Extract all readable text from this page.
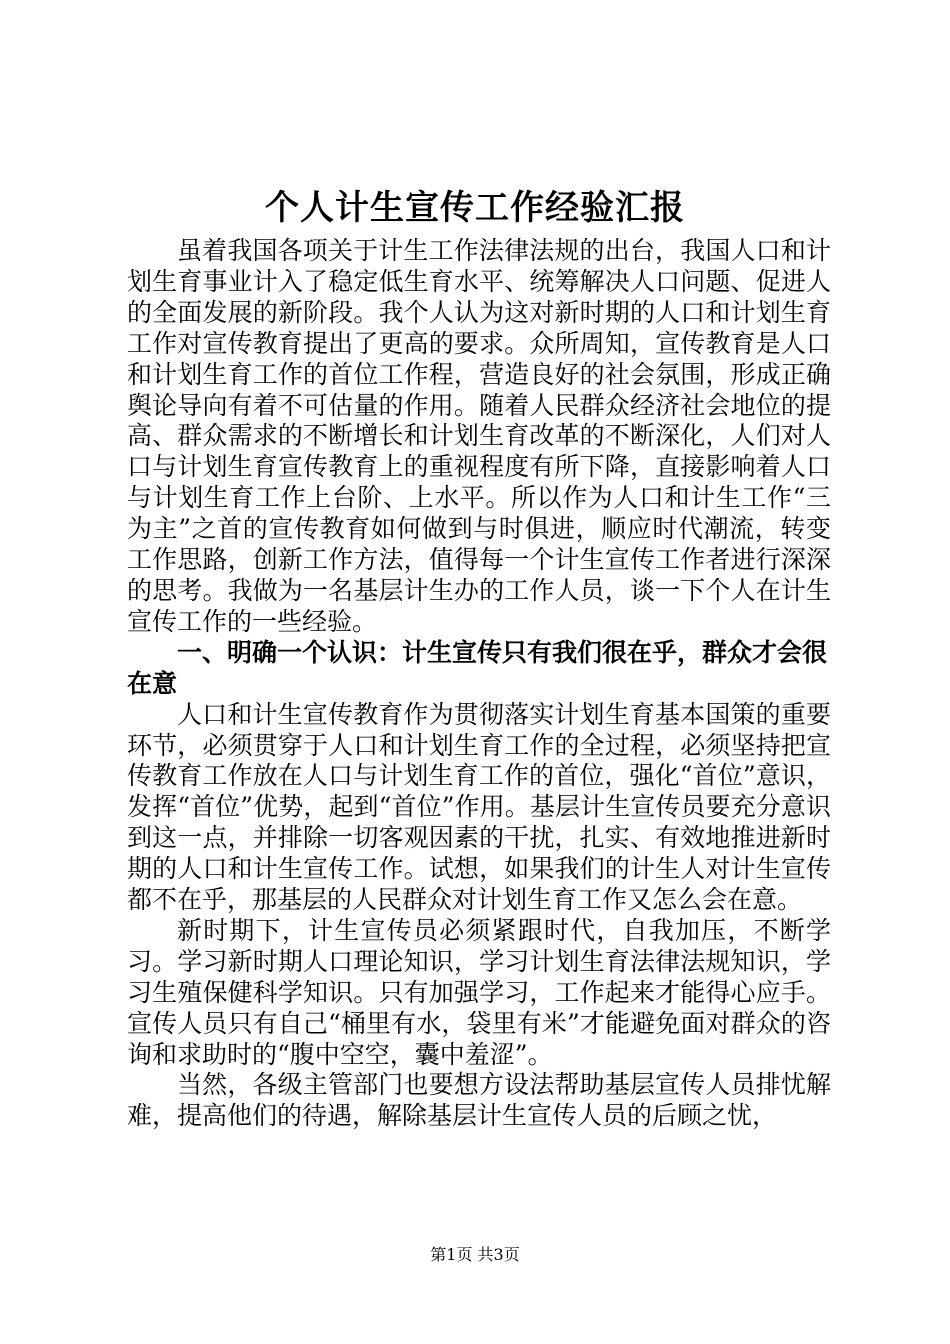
个人计生宣传工作经验汇报

虽着我国各项关于计生工作法律法规的出台，我国人口和计划生育事业计入了稳定低生育水平、统筹解决人口问题、促进人的全面发展的新阶段。我个人认为这对新时期的人口和计划生育工作对宣传教育提出了更高的要求。众所周知，宣传教育是人口和计划生育工作的首位工作程，营造良好的社会氛围，形成正确舆论导向有着不可估量的作用。随着人民群众经济社会地位的提高、群众需求的不断增长和计划生育改革的不断深化，人们对人口与计划生育宣传教育上的重视程度有所下降，直接影响着人口与计划生育工作上台阶、上水平。所以作为人口和计生工作“三为主”之首的宣传教育如何做到与时俱进，顺应时代潮流，转变工作思路，创新工作方法，值得每一个计生宣传工作者进行深深的思考。我做为一名基层计生办的工作人员，谈一下个人在计生宣传工作的一些经验。

一、明确一个认识：计生宣传只有我们很在乎，群众才会很在意

人口和计生宣传教育作为贯彻落实计划生育基本国策的重要环节，必须贯穿于人口和计划生育工作的全过程，必须坚持把宣传教育工作放在人口与计划生育工作的首位，强化“首位”意识，发挥“首位”优势，起到“首位”作用。基层计生宣传员要充分意识到这一点，并排除一切客观因素的干扰，扎实、有效地推进新时期的人口和计生宣传工作。试想，如果我们的计生人对计生宣传都不在乎，那基层的人民群众对计划生育工作又怎么会在意。

新时期下，计生宣传员必须紧跟时代，自我加压，不断学习。学习新时期人口理论知识，学习计划生育法律法规知识，学习生殖保健科学知识。只有加强学习，工作起来才能得心应手。宣传人员只有自己“桶里有水，袋里有米”才能避免面对群众的咨询和求助时的“腹中空空，囊中羞涩”。

当然，各级主管部门也要想方设法帮助基层宣传人员排忧解难，提高他们的待遇，解除基层计生宣传人员的后顾之忧，

第1页 共3页
